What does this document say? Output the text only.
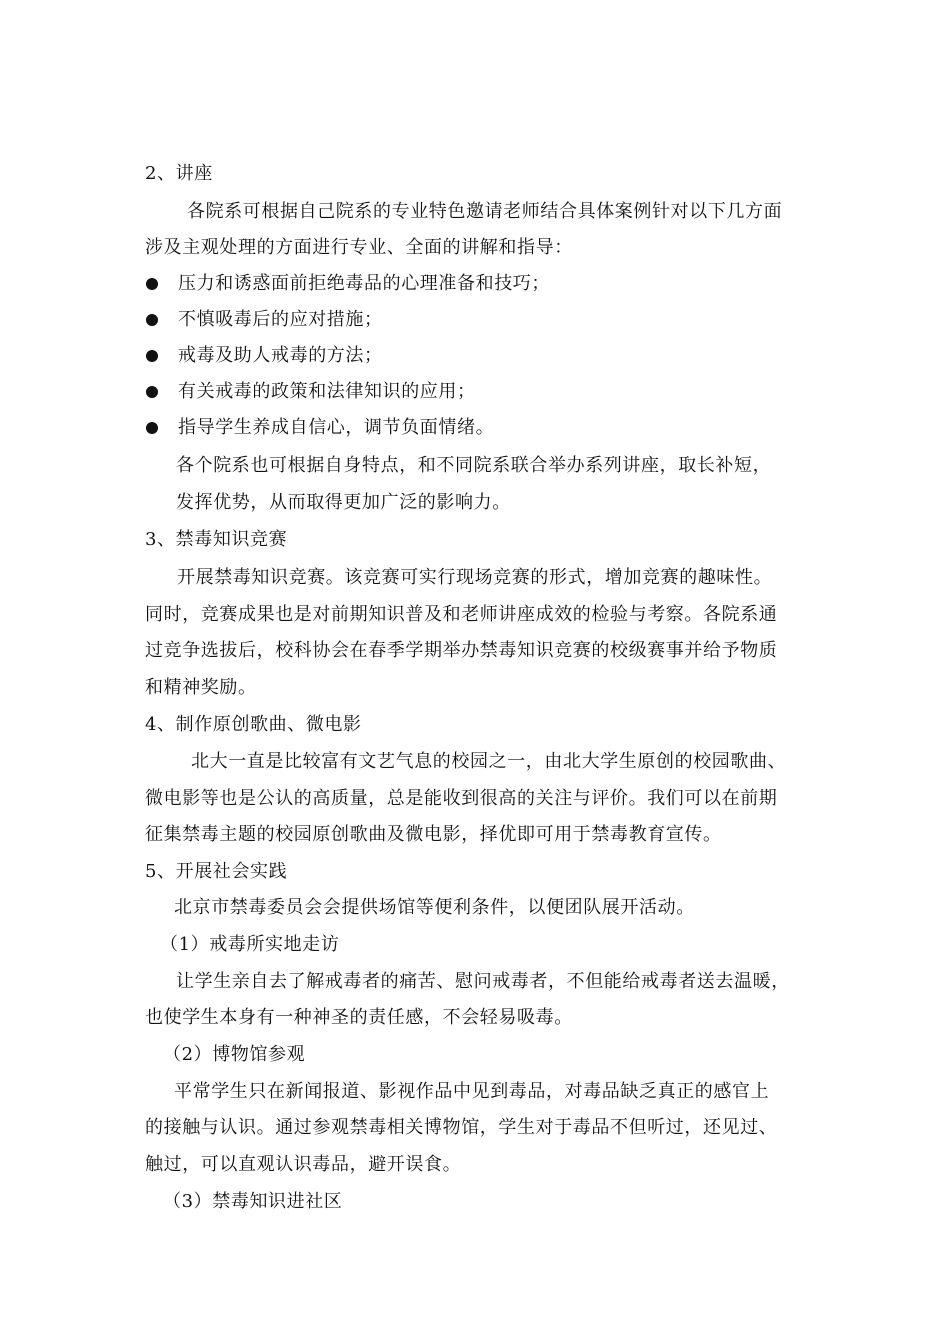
2、讲座
各院系可根据自己院系的专业特色邀请老师结合具体案例针对以下几方面
涉及主观处理的方面进行专业、全面的讲解和指导：
压力和诱惑面前拒绝毒品的心理准备和技巧；
不慎吸毒后的应对措施；
戒毒及助人戒毒的方法；
有关戒毒的政策和法律知识的应用；
指导学生养成自信心，调节负面情绪。
各个院系也可根据自身特点，和不同院系联合举办系列讲座，取长补短，
发挥优势，从而取得更加广泛的影响力。
3、禁毒知识竞赛
开展禁毒知识竞赛。该竞赛可实行现场竞赛的形式，增加竞赛的趣味性。
同时，竞赛成果也是对前期知识普及和老师讲座成效的检验与考察。各院系通
过竞争选拔后，校科协会在春季学期举办禁毒知识竞赛的校级赛事并给予物质
和精神奖励。
4、制作原创歌曲、微电影
北大一直是比较富有文艺气息的校园之一，由北大学生原创的校园歌曲、
微电影等也是公认的高质量，总是能收到很高的关注与评价。我们可以在前期
征集禁毒主题的校园原创歌曲及微电影，择优即可用于禁毒教育宣传。
5、开展社会实践
北京市禁毒委员会会提供场馆等便利条件，以便团队展开活动。
（1）戒毒所实地走访
让学生亲自去了解戒毒者的痛苦、慰问戒毒者，不但能给戒毒者送去温暖，
也使学生本身有一种神圣的责任感，不会轻易吸毒。
（2）博物馆参观
平常学生只在新闻报道、影视作品中见到毒品，对毒品缺乏真正的感官上
的接触与认识。通过参观禁毒相关博物馆，学生对于毒品不但听过，还见过、
触过，可以直观认识毒品，避开误食。
（3）禁毒知识进社区
